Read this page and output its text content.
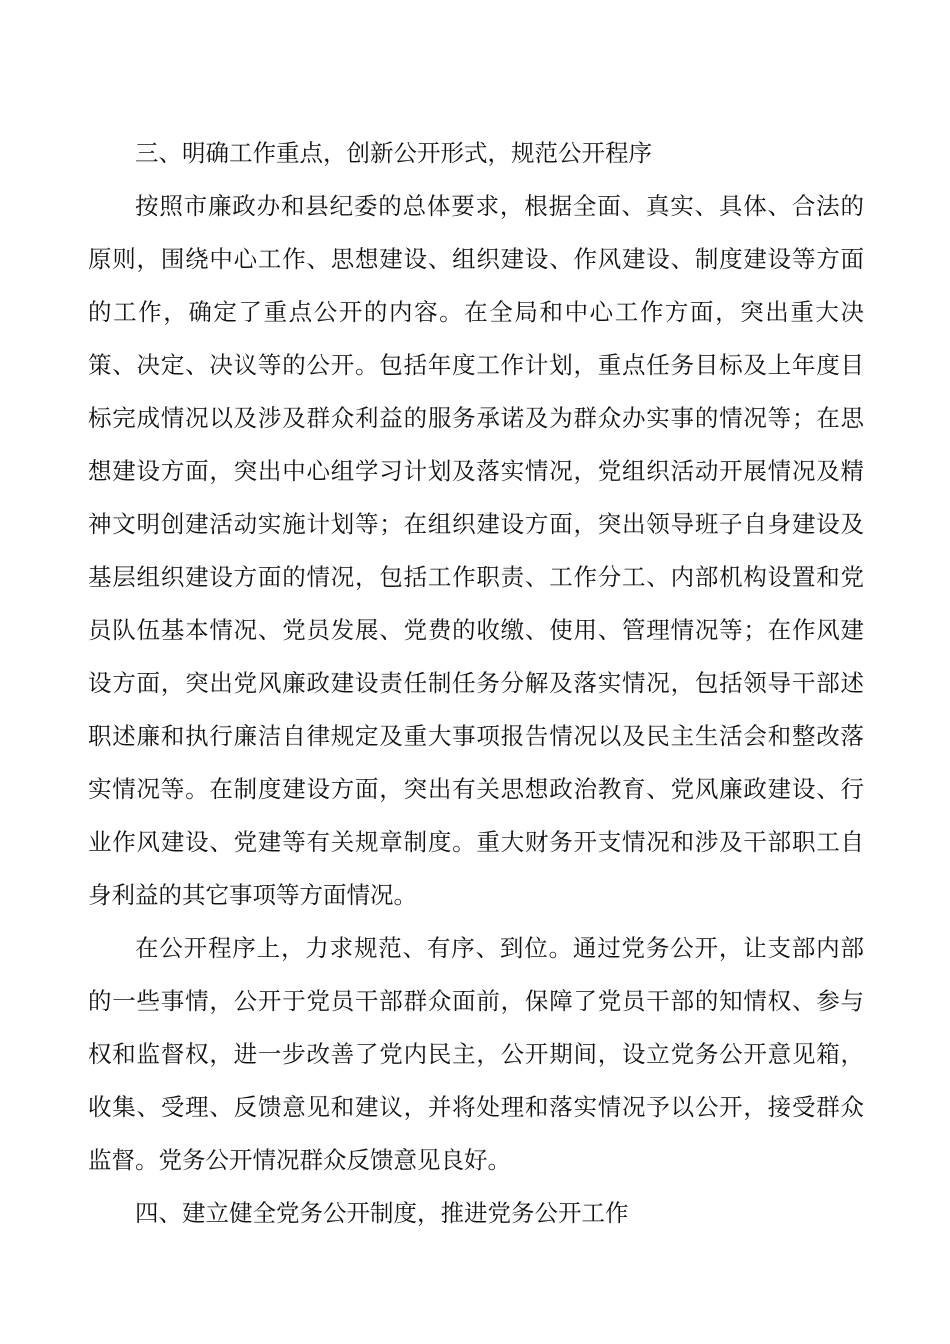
三、明确工作重点，创新公开形式，规范公开程序
按照市廉政办和县纪委的总体要求，根据全面、真实、具体、合法的
原则，围绕中心工作、思想建设、组织建设、作风建设、制度建设等方面
的工作，确定了重点公开的内容。在全局和中心工作方面，突出重大决
策、决定、决议等的公开。包括年度工作计划，重点任务目标及上年度目
标完成情况以及涉及群众利益的服务承诺及为群众办实事的情况等；在思
想建设方面，突出中心组学习计划及落实情况，党组织活动开展情况及精
神文明创建活动实施计划等；在组织建设方面，突出领导班子自身建设及
基层组织建设方面的情况，包括工作职责、工作分工、内部机构设置和党
员队伍基本情况、党员发展、党费的收缴、使用、管理情况等；在作风建
设方面，突出党风廉政建设责任制任务分解及落实情况，包括领导干部述
职述廉和执行廉洁自律规定及重大事项报告情况以及民主生活会和整改落
实情况等。在制度建设方面，突出有关思想政治教育、党风廉政建设、行
业作风建设、党建等有关规章制度。重大财务开支情况和涉及干部职工自
身利益的其它事项等方面情况。
在公开程序上，力求规范、有序、到位。通过党务公开，让支部内部
的一些事情，公开于党员干部群众面前，保障了党员干部的知情权、参与
权和监督权，进一步改善了党内民主，公开期间，设立党务公开意见箱，
收集、受理、反馈意见和建议，并将处理和落实情况予以公开，接受群众
监督。党务公开情况群众反馈意见良好。
四、建立健全党务公开制度，推进党务公开工作
